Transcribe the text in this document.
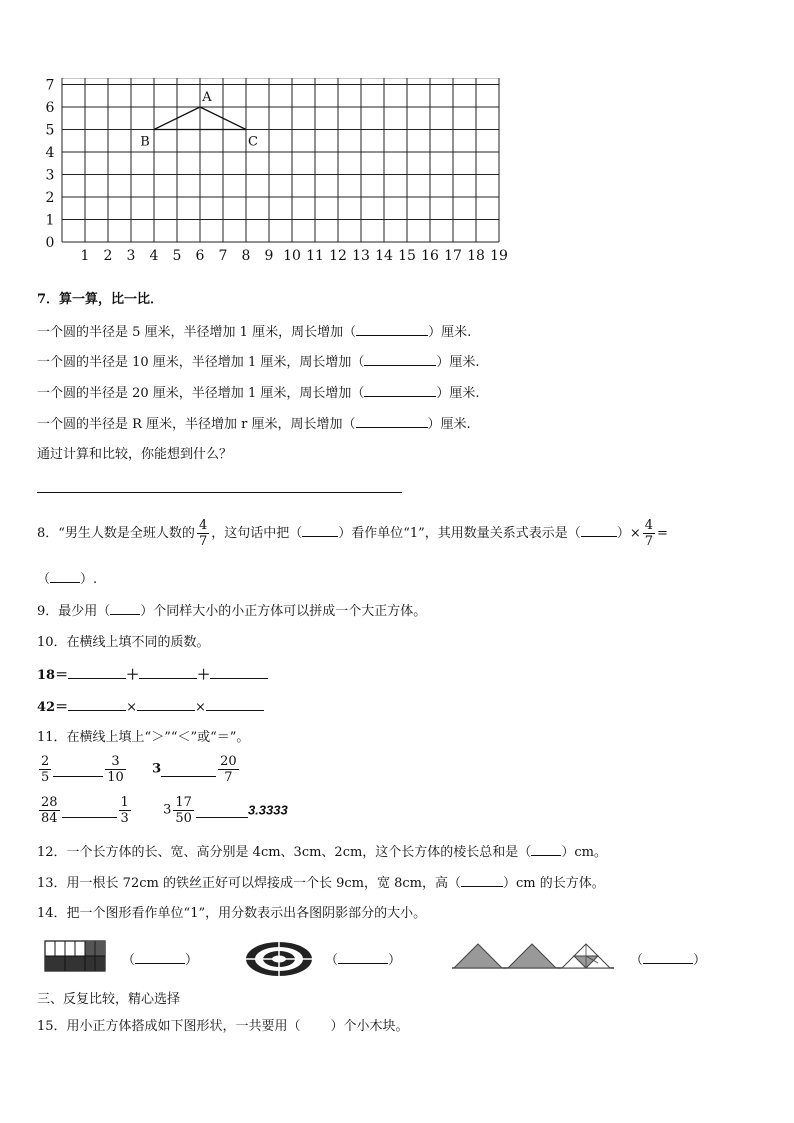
0
1
2
3
4
5
6
7
1 2 3 4 5 6 7 8 9 10 11 12 13 14 15 16 17 18 19
A
B	C
7．算一算，比一比．
一个圆的半径是 5 厘米，半径增加 1 厘米，周长增加（	）厘米.
一个圆的半径是 10 厘米，半径增加 1 厘米，周长增加（	）厘米.
一个圆的半径是 20 厘米，半径增加 1 厘米，周长增加（	）厘米.
一个圆的半径是 R 厘米，半径增加 r 厘米，周长增加（	）厘米.
通过计算和比较，你能想到什么？
8．“男生人数是全班人数的 $\frac{4}{7}$ ，这句话中把（	）看作单位“1”，其用数量关系式表示是（	）× $\frac{4}{7}$ =
（ ）.
9．最少用（ ）个同样大小的小正方体可以拼成一个大正方体。
10．在横线上填不同的质数。
18＝	＋	＋
42＝	×	×
11．在横线上填上“＞”“＜”或“＝”。
$\frac{2}{5}$	$\frac{3}{10} 3$	$\frac{20}{7}$
$\frac{28}{84}$	$\frac{1}{3} 3 \frac{17}{50}$	3.3333
12．一个长方体的长、宽、高分别是 4cm、3cm、2cm，这个长方体的棱长总和是（ ）cm。
13．用一根长 72cm 的铁丝正好可以焊接成一个长 9cm，宽 8cm，高（	）cm 的长方体。
14．把一个图形看作单位“1”，用分数表示出各图阴影部分的大小。
（	）	（	）	（	）
三、反复比较，精心选择
15．用小正方体搭成如下图形状，一共要用（ ）个小木块。
